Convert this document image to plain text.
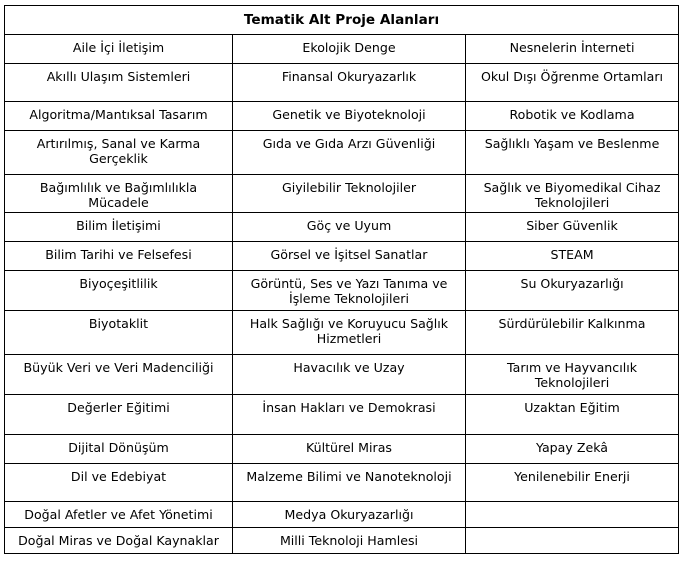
Tematik Alt Proje Alanları		
Aile İçi İletişim	Ekolojik Denge	Nesnelerin İnterneti
Akıllı Ulaşım Sistemleri	Finansal Okuryazarlık	Okul Dışı Öğrenme Ortamları
Algoritma/Mantıksal Tasarım	Genetik ve Biyoteknoloji	Robotik ve Kodlama
Artırılmış, Sanal ve Karma Gerçeklik	Gıda ve Gıda Arzı Güvenliği	Sağlıklı Yaşam ve Beslenme
Bağımlılık ve Bağımlılıkla Mücadele	Giyilebilir Teknolojiler	Sağlık ve Biyomedikal Cihaz Teknolojileri
Bilim İletişimi	Göç ve Uyum	Siber Güvenlik
Bilim Tarihi ve Felsefesi	Görsel ve İşitsel Sanatlar	STEAM
Biyoçeşitlilik	Görüntü, Ses ve Yazı Tanıma ve İşleme Teknolojileri	Su Okuryazarlığı
Biyotaklit	Halk Sağlığı ve Koruyucu Sağlık Hizmetleri	Sürdürülebilir Kalkınma
Büyük Veri ve Veri Madenciliği	Havacılık ve Uzay	Tarım ve Hayvancılık Teknolojileri
Değerler Eğitimi	İnsan Hakları ve Demokrasi	Uzaktan Eğitim
Dijital Dönüşüm	Kültürel Miras	Yapay Zekâ
Dil ve Edebiyat	Malzeme Bilimi ve Nanoteknoloji	Yenilenebilir Enerji
Doğal Afetler ve Afet Yönetimi	Medya Okuryazarlığı	
Doğal Miras ve Doğal Kaynaklar	Milli Teknoloji Hamlesi	
